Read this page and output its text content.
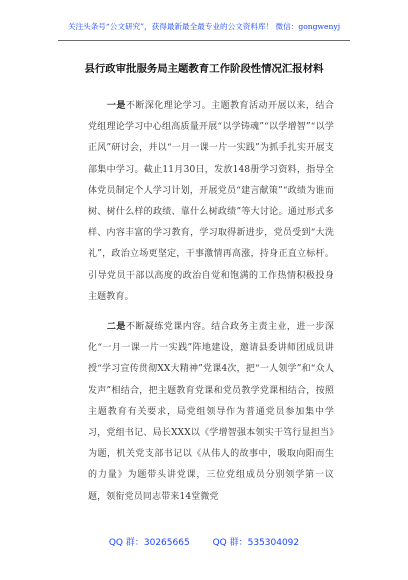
关注头条号“公文研究”，获得最新最全最专业的公文资料库！ 微信：gongwenyj
县行政审批服务局主题教育工作阶段性情况汇报材料

一是不断深化理论学习。主题教育活动开展以来，结合党组理论学习中心组高质量开展“以学铸魂”“以学增智”“以学正风”研讨会，并以“一月一课一片一实践”为抓手扎实开展支部集中学习。截止11月30日，发放148册学习资料，指导全体党员制定个人学习计划，开展党员“建言献策”“政绩为谁而树、树什么样的政绩、靠什么树政绩”等大讨论。通过形式多样、内容丰富的学习教育，学习取得新进步，党员受到“大洗礼”，政治立场更坚定，干事激情再高涨，持身正直立标杆。引导党员干部以高度的政治自觉和饱满的工作热情积极投身主题教育。

二是不断凝练党课内容。结合政务主责主业，进一步深化“一月一课一片一实践”阵地建设，邀请县委讲师团成员讲授“学习宣传贯彻XX大精神”党课4次，把“一人领学”和“众人发声”相结合，把主题教育党课和党员教学党课相结合，按照主题教育有关要求，局党组领导作为普通党员参加集中学习，党组书记、局长XXX以《学增智强本领实干笃行显担当》为题，机关党支部书记以《从伟人的故事中，吸取向阳而生的力量》为题带头讲党课，三位党组成员分别领学第一议题，领衔党员同志带来14堂微党

QQ 群：30265665	QQ 群：535304092
